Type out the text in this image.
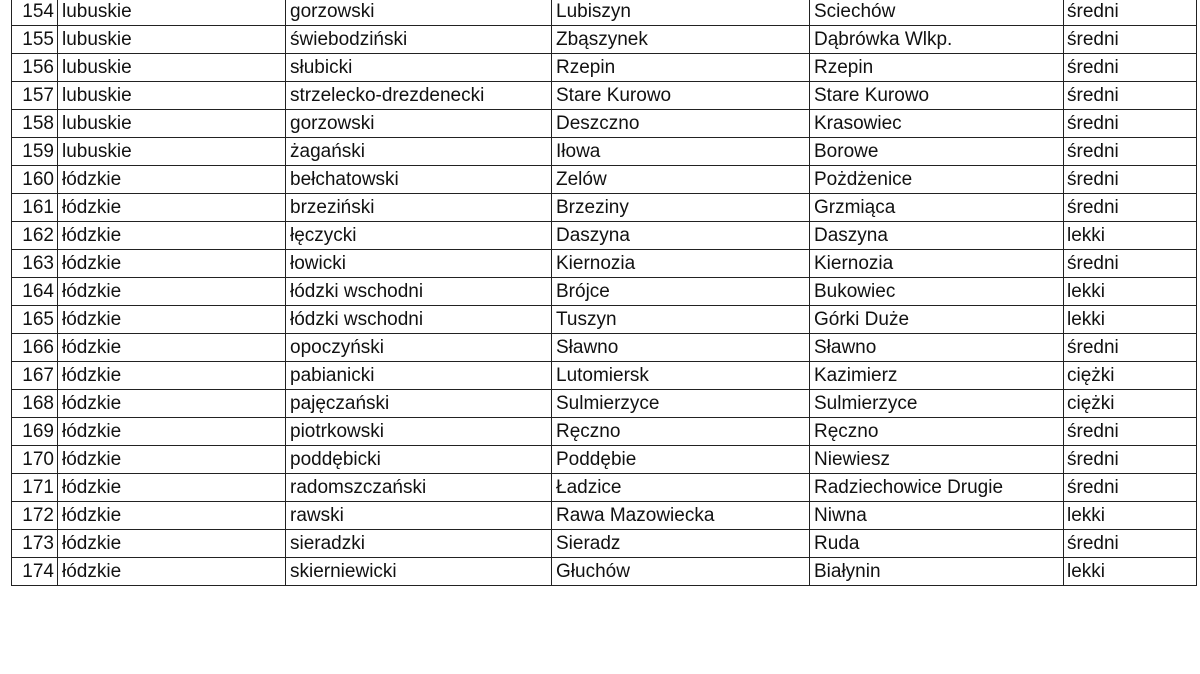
154	lubuskie	gorzowski	Lubiszyn	Sciechów	średni
155	lubuskie	świebodziński	Zbąszynek	Dąbrówka Wlkp.	średni
156	lubuskie	słubicki	Rzepin	Rzepin	średni
157	lubuskie	strzelecko-drezdenecki	Stare Kurowo	Stare Kurowo	średni
158	lubuskie	gorzowski	Deszczno	Krasowiec	średni
159	lubuskie	żagański	Iłowa	Borowe	średni
160	łódzkie	bełchatowski	Zelów	Pożdżenice	średni
161	łódzkie	brzeziński	Brzeziny	Grzmiąca	średni
162	łódzkie	łęczycki	Daszyna	Daszyna	lekki
163	łódzkie	łowicki	Kiernozia	Kiernozia	średni
164	łódzkie	łódzki wschodni	Brójce	Bukowiec	lekki
165	łódzkie	łódzki wschodni	Tuszyn	Górki Duże	lekki
166	łódzkie	opoczyński	Sławno	Sławno	średni
167	łódzkie	pabianicki	Lutomiersk	Kazimierz	ciężki
168	łódzkie	pajęczański	Sulmierzyce	Sulmierzyce	ciężki
169	łódzkie	piotrkowski	Ręczno	Ręczno	średni
170	łódzkie	poddębicki	Poddębie	Niewiesz	średni
171	łódzkie	radomszczański	Ładzice	Radziechowice Drugie	średni
172	łódzkie	rawski	Rawa Mazowiecka	Niwna	lekki
173	łódzkie	sieradzki	Sieradz	Ruda	średni
174	łódzkie	skierniewicki	Głuchów	Białynin	lekki
